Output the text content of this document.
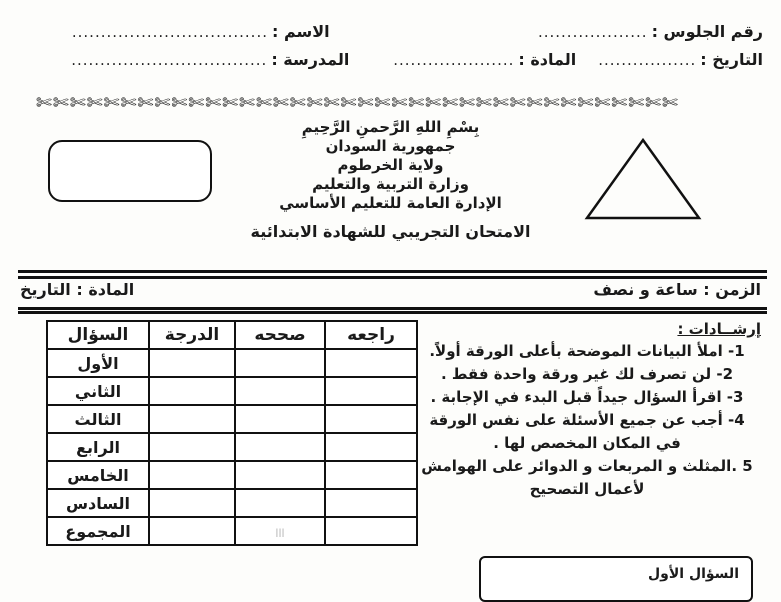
رقم الجلوس :
...................
الاسم :
..................................
التاريخ :
.................
المادة :
.....................
المدرسة :
..................................
✄✄✄✄✄✄✄✄✄✄✄✄✄✄✄✄✄✄✄✄✄✄✄✄✄✄✄✄✄✄✄✄✄✄✄✄✄✄
بِسْمِ اللهِ الرَّحمنِ الرَّحِيمِ
جمهورية السودان
ولاية الخرطوم
وزارة التربية والتعليم
الإدارة العامة للتعليم الأساسي
الامتحان التجريبي للشهادة الابتدائية
الزمن : ساعة و نصف
المادة : التاريخ
إرشــادات :
1- املأ البيانات الموضحة بأعلى الورقة أولاً.
2- لن تصرف لك غير ورقة واحدة فقط .
3- اقرأ السؤال جيداً قبل البدء في الإجابة .
4- أجب عن جميع الأسئلة على نفس الورقة
في المكان المخصص لها .
5 .المثلث و المربعات و الدوائر على الهوامش
لأعمال التصحيح
السؤال الأول
راجعه	صححه	الدرجة	السؤال
			الأول
			الثاني
			الثالث
			الرابع
			الخامس
			السادس
	ااا		المجموع
